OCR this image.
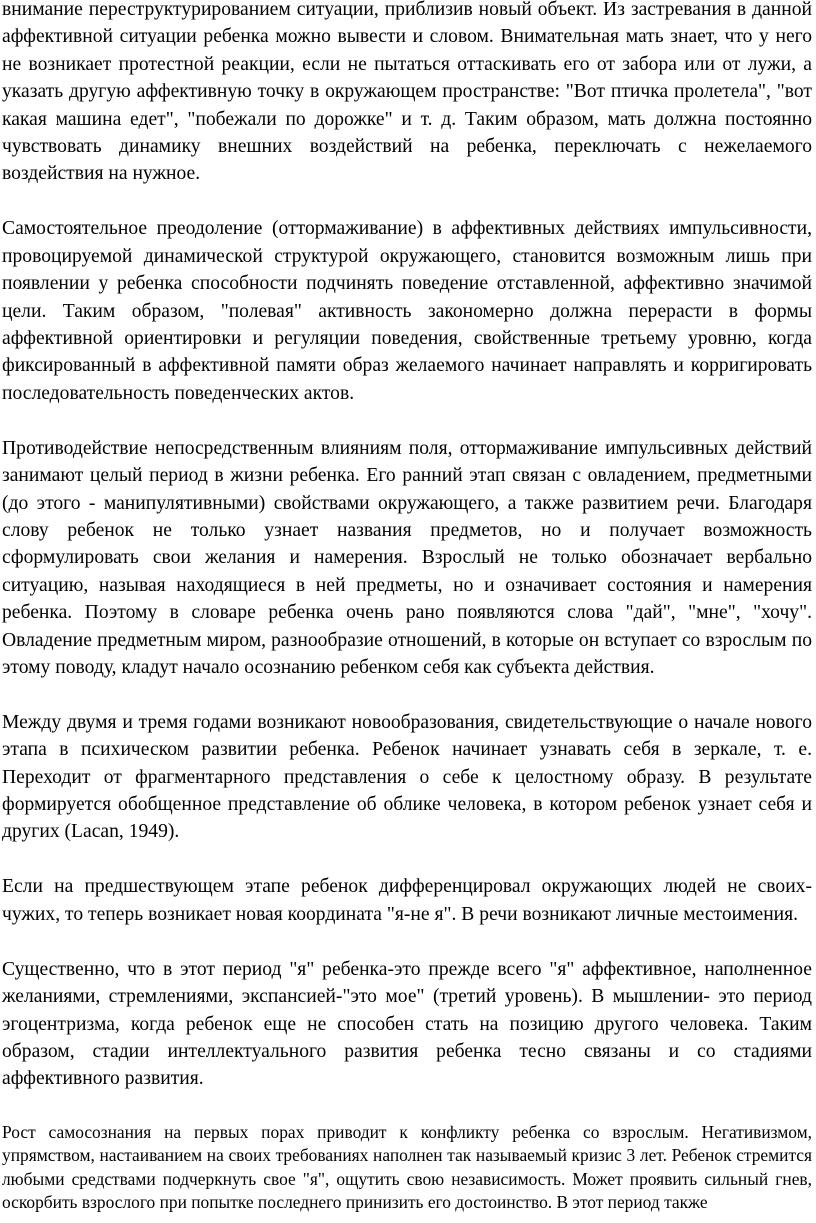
внимание переструктурированием ситуации, приблизив новый объект. Из застревания в данной аффективной ситуации ребенка можно вывести и словом. Внимательная мать знает, что у него не возникает протестной реакции, если не пытаться оттаскивать его от забора или от лужи, а указать другую аффективную точку в окружающем пространстве: "Вот птичка пролетела", "вот какая машина едет", "побежали по дорожке" и т. д. Таким образом, мать должна постоянно чувствовать динамику внешних воздействий на ребенка, переключать с нежелаемого воздействия на нужное.

Самостоятельное преодоление (оттормаживание) в аффективных действиях импульсивности, провоцируемой динамической структурой окружающего, становится возможным лишь при появлении у ребенка способности подчинять поведение отставленной, аффективно значимой цели. Таким образом, "полевая" активность закономерно должна перерасти в формы аффективной ориентировки и регуляции поведения, свойственные третьему уровню, когда фиксированный в аффективной памяти образ желаемого начинает направлять и корригировать последовательность поведенческих актов.

Противодействие непосредственным влияниям поля, оттормаживание импульсивных действий занимают целый период в жизни ребенка. Его ранний этап связан с овладением, предметными (до этого - манипулятивными) свойствами окружающего, а также развитием речи. Благодаря слову ребенок не только узнает названия предметов, но и получает возможность сформулировать свои желания и намерения. Взрослый не только обозначает вербально ситуацию, называя находящиеся в ней предметы, но и означивает состояния и намерения ребенка. Поэтому в словаре ребенка очень рано появляются слова "дай", "мне", "хочу". Овладение предметным миром, разнообразие отношений, в которые он вступает со взрослым по этому поводу, кладут начало осознанию ребенком себя как субъекта действия.

Между двумя и тремя годами возникают новообразования, свидетельствующие о начале нового этапа в психическом развитии ребенка. Ребенок начинает узнавать себя в зеркале, т. е. Переходит от фрагментарного представления о себе к целостному образу. В результате формируется обобщенное представление об облике человека, в котором ребенок узнает себя и других (Lacan, 1949).

Если на предшествующем этапе ребенок дифференцировал окружающих людей не своих-чужих, то теперь возникает новая координата "я-не я". В речи возникают личные местоимения.

Существенно, что в этот период "я" ребенка-это прежде всего "я" аффективное, наполненное желаниями, стремлениями, экспансией-"это мое" (третий уровень). В мышлении- это период эгоцентризма, когда ребенок еще не способен стать на позицию другого человека. Таким образом, стадии интеллектуального развития ребенка тесно связаны и со стадиями аффективного развития.

Рост самосознания на первых порах приводит к конфликту ребенка со взрослым. Негативизмом, упрямством, настаиванием на своих требованиях наполнен так называемый кризис 3 лет. Ребенок стремится любыми средствами подчеркнуть свое "я", ощутить свою независимость. Может проявить сильный гнев, оскорбить взрослого при попытке последнего принизить его достоинство. В этот период также
